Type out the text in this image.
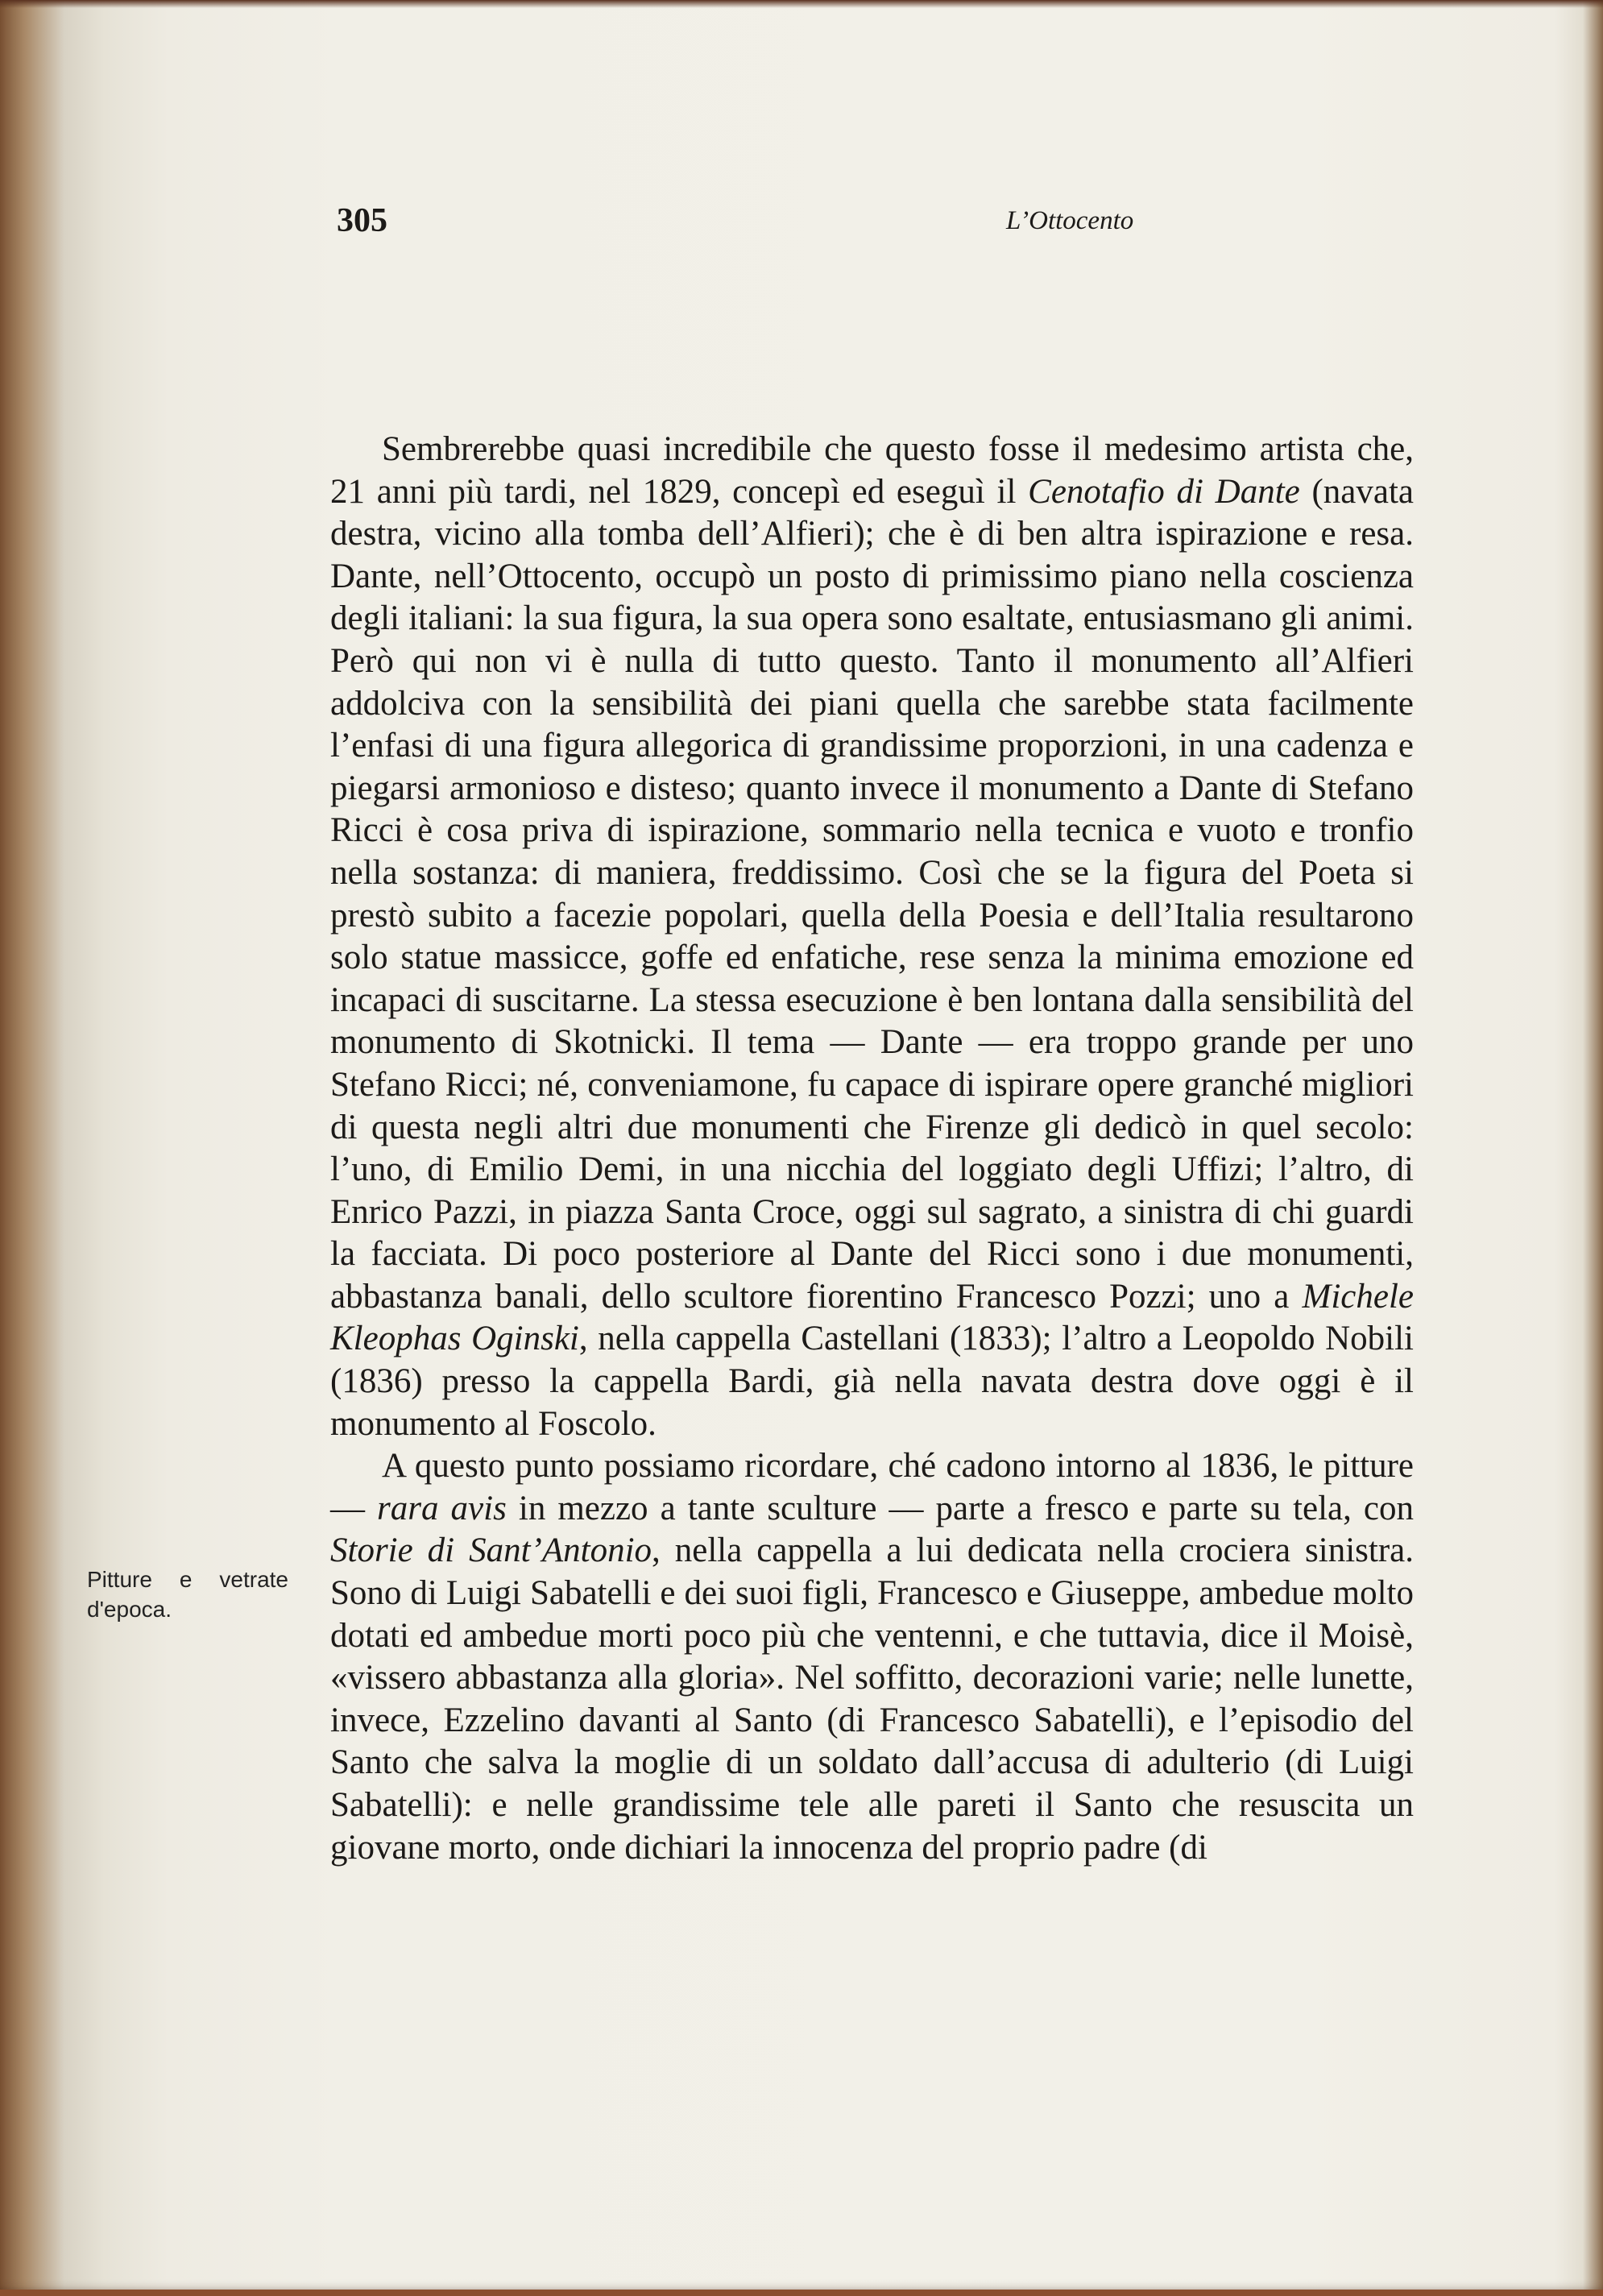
305	L’Ottocento

Pitture e vetrate d'epoca.

Sembrerebbe quasi incredibile che questo fosse il medesimo artista che, 21 anni più tardi, nel 1829, concepì ed eseguì il Cenotafio di Dante (navata destra, vicino alla tomba dell’Alfieri); che è di ben altra ispirazione e resa. Dante, nell’Ottocento, occupò un posto di primissimo piano nella coscienza degli italiani: la sua figura, la sua opera sono esaltate, entusiasmano gli animi. Però qui non vi è nulla di tutto questo. Tanto il monumento all’Alfieri addolciva con la sensibilità dei piani quella che sarebbe stata facilmente l’enfasi di una figura allegorica di grandissime proporzioni, in una cadenza e piegarsi armonioso e disteso; quanto invece il monumento a Dante di Stefano Ricci è cosa priva di ispirazione, sommario nella tecnica e vuoto e tronfio nella sostanza: di maniera, freddissimo. Così che se la figura del Poeta si prestò subito a facezie popolari, quella della Poesia e dell’Italia resultarono solo statue massicce, goffe ed enfatiche, rese senza la minima emozione ed incapaci di suscitarne. La stessa esecuzione è ben lontana dalla sensibilità del monumento di Skotnicki. Il tema — Dante — era troppo grande per uno Stefano Ricci; né, conveniamone, fu capace di ispirare opere granché migliori di questa negli altri due monumenti che Firenze gli dedicò in quel secolo: l’uno, di Emilio Demi, in una nicchia del loggiato degli Uffizi; l’altro, di Enrico Pazzi, in piazza Santa Croce, oggi sul sagrato, a sinistra di chi guardi la facciata. Di poco posteriore al Dante del Ricci sono i due monumenti, abbastanza banali, dello scultore fiorentino Francesco Pozzi; uno a Michele Kleophas Oginski, nella cappella Castellani (1833); l’altro a Leopoldo Nobili (1836) presso la cappella Bardi, già nella navata destra dove oggi è il monumento al Foscolo.

A questo punto possiamo ricordare, ché cadono intorno al 1836, le pitture — rara avis in mezzo a tante sculture — parte a fresco e parte su tela, con Storie di Sant’Antonio, nella cappella a lui dedicata nella crociera sinistra. Sono di Luigi Sabatelli e dei suoi figli, Francesco e Giuseppe, ambedue molto dotati ed ambedue morti poco più che ventenni, e che tuttavia, dice il Moisè, «vissero abbastanza alla gloria». Nel soffitto, decorazioni varie; nelle lunette, invece, Ezzelino davanti al Santo (di Francesco Sabatelli), e l’episodio del Santo che salva la moglie di un soldato dall’accusa di adulterio (di Luigi Sabatelli): e nelle grandissime tele alle pareti il Santo che resuscita un giovane morto, onde dichiari la innocenza del proprio padre (di
